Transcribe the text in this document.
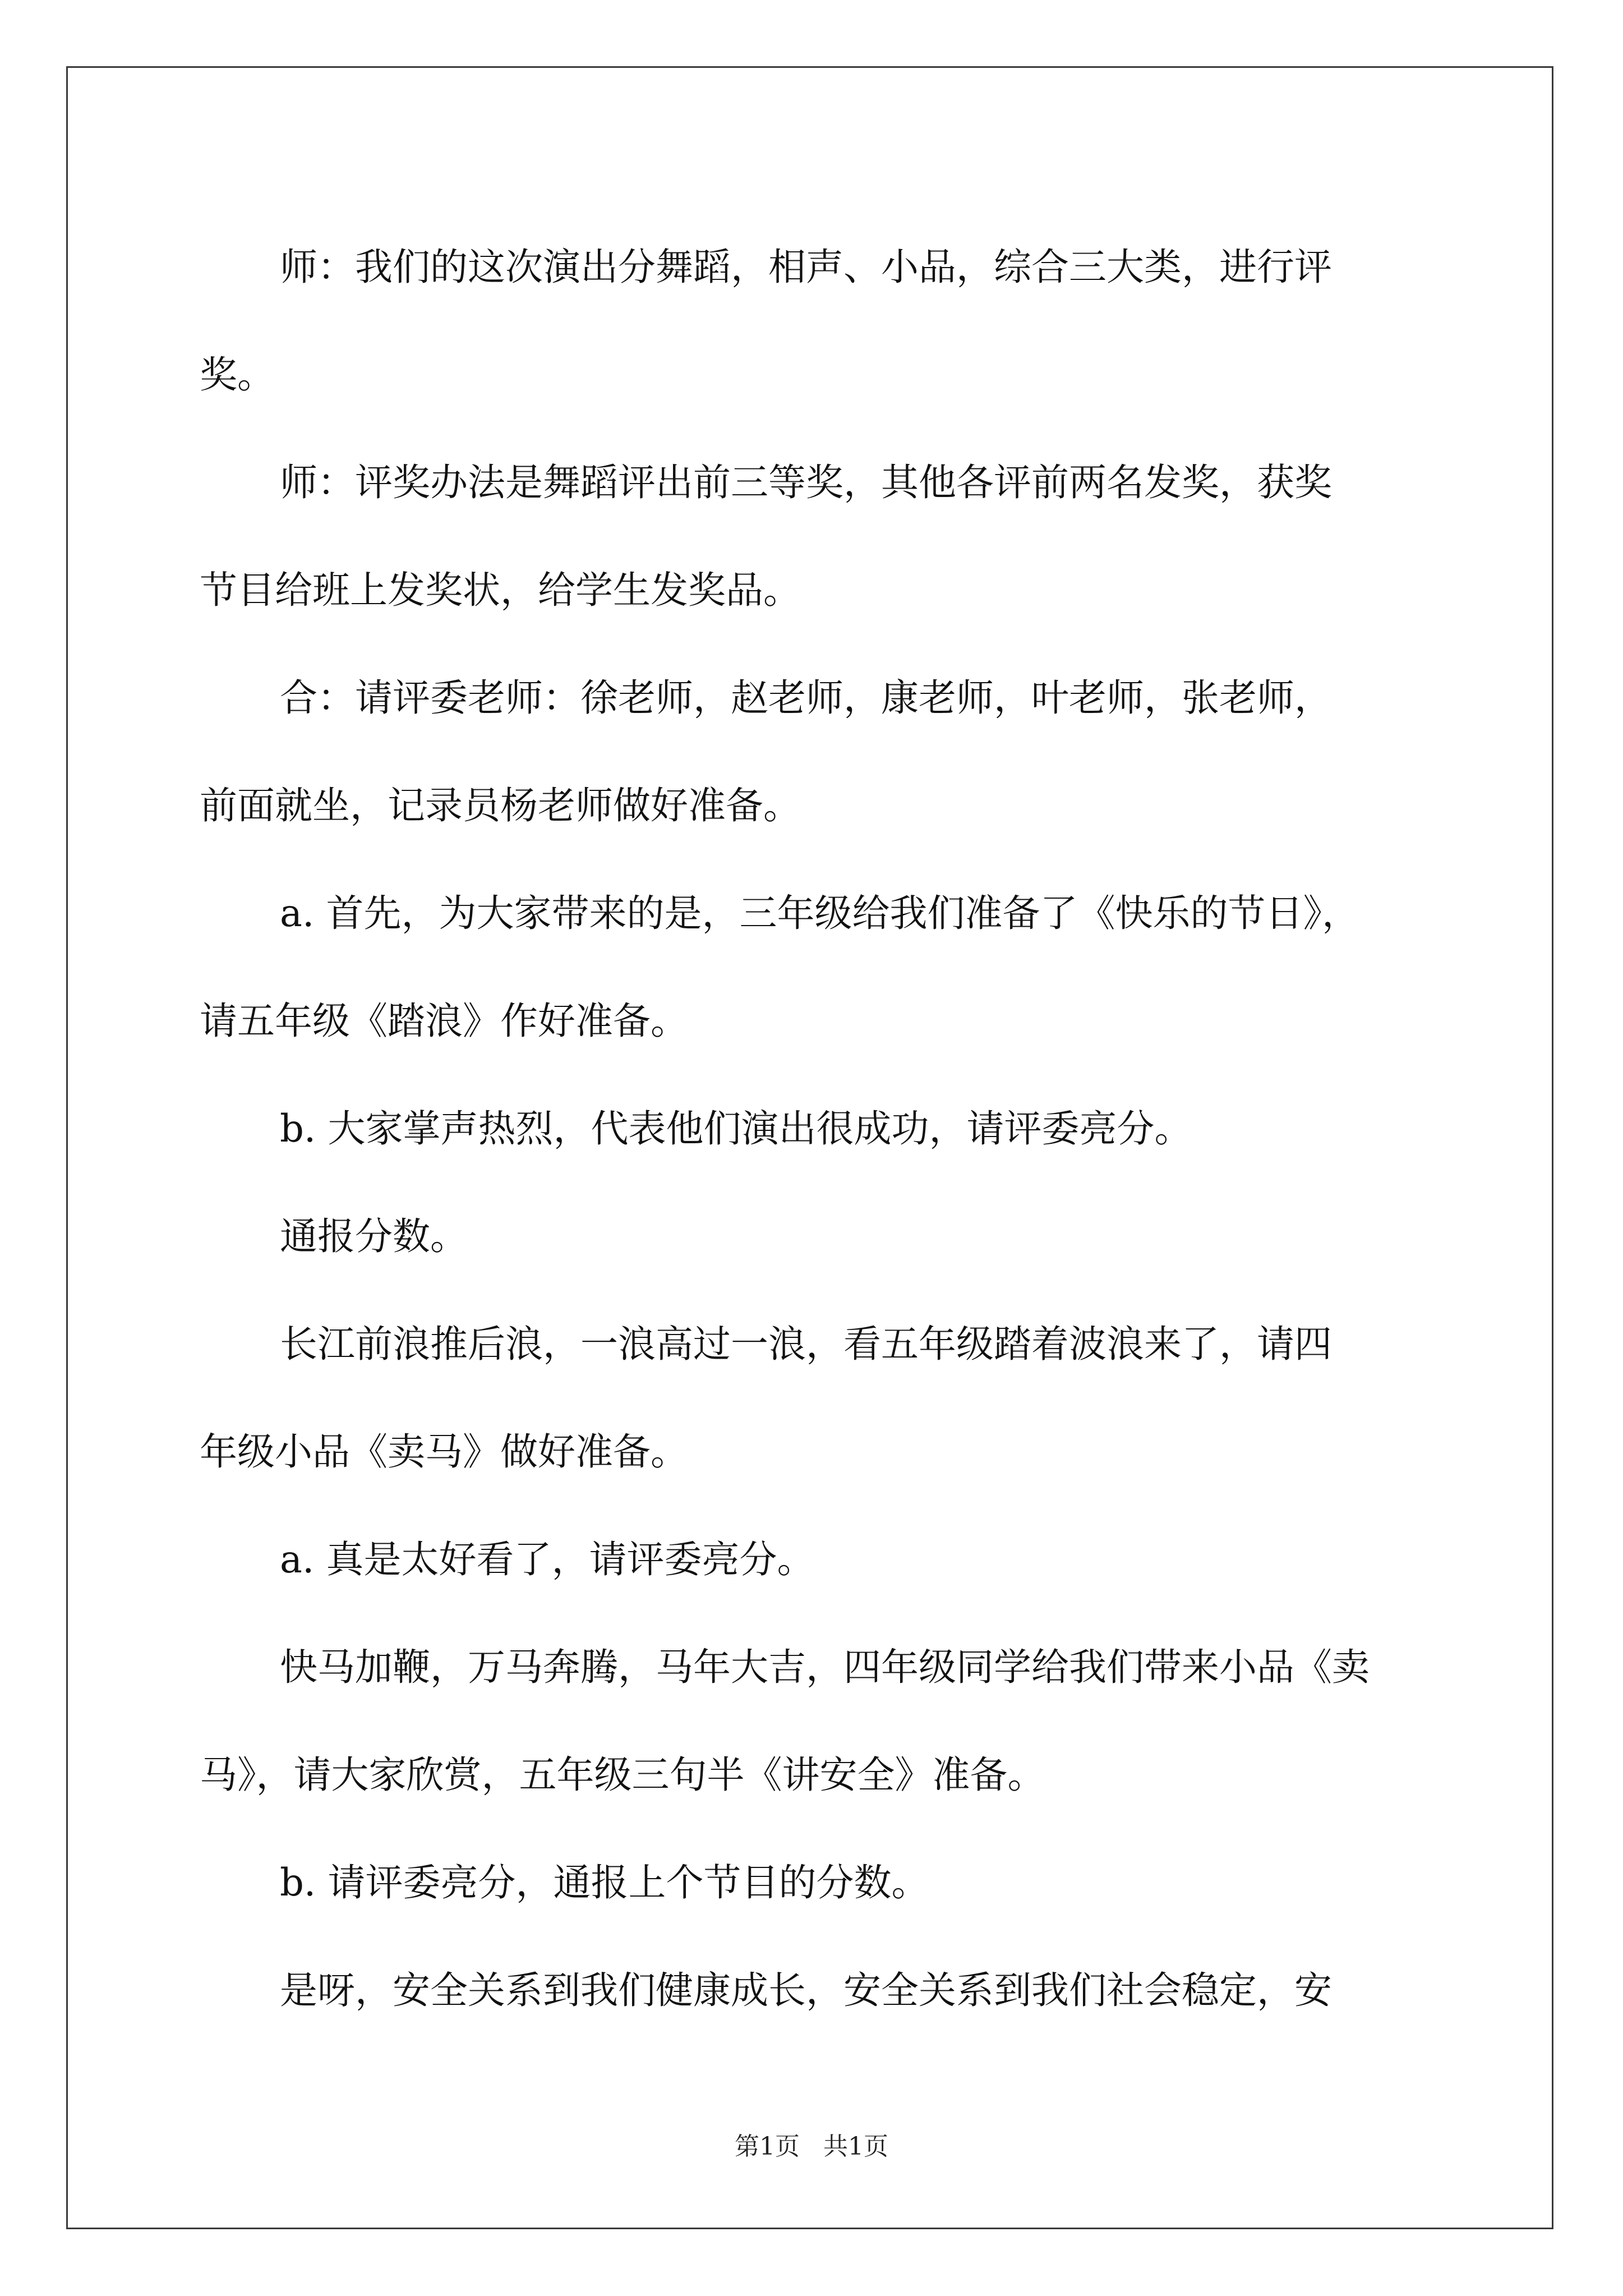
师：我们的这次演出分舞蹈，相声、小品，综合三大类，进行评
奖。

师：评奖办法是舞蹈评出前三等奖，其他各评前两名发奖，获奖
节目给班上发奖状，给学生发奖品。

合：请评委老师：徐老师，赵老师，康老师，叶老师，张老师，
前面就坐，记录员杨老师做好准备。

a. 首先，为大家带来的是，三年级给我们准备了《快乐的节日》，
请五年级《踏浪》作好准备。

b. 大家掌声热烈，代表他们演出很成功，请评委亮分。

通报分数。

长江前浪推后浪，一浪高过一浪，看五年级踏着波浪来了，请四
年级小品《卖马》做好准备。

a. 真是太好看了，请评委亮分。

快马加鞭，万马奔腾，马年大吉，四年级同学给我们带来小品《卖
马》，请大家欣赏，五年级三句半《讲安全》准备。

b. 请评委亮分，通报上个节目的分数。

是呀，安全关系到我们健康成长，安全关系到我们社会稳定，安

第1页 共1页
